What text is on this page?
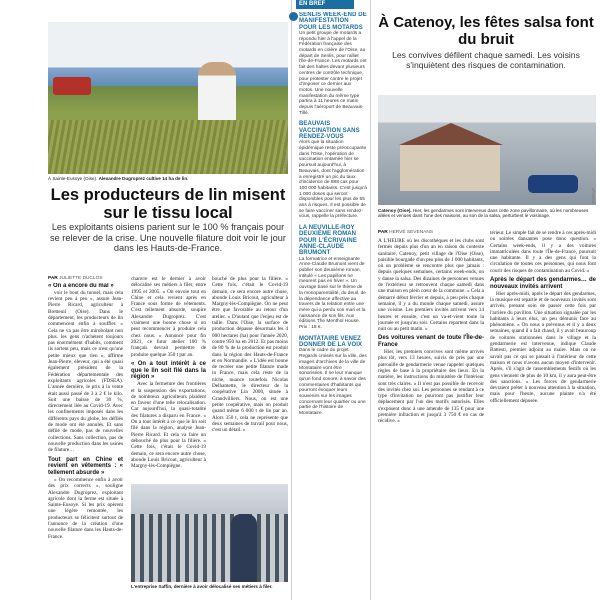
LP/JULIETTE
À Sainte-Eusoye (Oise). Alexandre Dugroprez cultive 14 ha de lin.
Les producteurs de lin misent sur le tissu local
Les exploitants oisiens parient sur le 100 % français pour se relever de la crise. Une nouvelle filature doit voir le jour dans les Hauts-de-France.
PAR JULIETTE DUCLOS
« On a encore du mal »

voir le bout du tunnel, mais cela revient peu à peu », assure Jean-Pierre Ricard, agriculteur à Bretteuil (Oise). Dans le département, les producteurs de lin commencent enfin à souffler. « Cela ne va pas être mirobolant non plus. les gens n'achètent toujours pas énormément d'habits, comment ils sortent peu, mais ce n'est qu'une petite mieux que rien », affirme Jean-Pierre, éleveur, qui a été quasi également président de la Fédération départementale des exploitants agricoles (FDSEA). L'année dernière, le prix à la vente était aussi passé de 3 à 2 € le kilo. Soit une baisse de 30 %, directement liée au Covid-19. Avec les confinements imposés dans les différents pays du globe, les défilés de mode ont été annulés. Et sans défilé de mode, pas de nouvelles collections. Sans collection, pas de nouvelle production dans les usines de filature…

Tout part en Chine et revient en vêtements : « tellement absurde »

« On recommence enfin à avoir des prix corrects », souligne Alexandre Dugroprez, exploitant agricole dont la ferme est située à Sainte-Eusoye. Si les prix opèrent une légère remontée, les producteurs se félicitent surtout de l'annonce de la création d'une nouvelle filature dans les Hauts-de-France.

chanvre est le dernier à avoir délocalisé ses métiers à filer, entre 1995 et 2005. « On envoie tout en Chine et cela revient après en France sous forme de vêtements. C'est tellement absurde, soupire Alexandre Dugroprez. C'est vraiment une bonne chose si on peut recommencer à produire cela chez nous. » Annoncé pour fin 2021, ce futur atelier 100 % français devrait permettre de produire quelque 350 t par an.

« On a tout intérêt à ce que le lin soit filé dans la région »

Avec la fermeture des frontières et la suspension des exportations, de nombreux agriculteurs plaident en faveur d'une telle relocalisation. Car aujourd'hui, la quasi-totalité des filatures a disparu en France. « On a tout intérêt à ce que le lin soit filé dans la région, analyse Jean-Pierre Ricard. Et cela va faire un débouché de plus pour la filière. » Cette fois, c'était le Covid-19 demain, ce sera encore autre chose, abonde Louis Bricout, agriculteur à Margny-lès-Compiègne.

bouché de plus pour la filière. » Cette fois, c'était le Covid-19 demain, ce sera encore autre chose, abonde Louis Bricout, agriculteur à Margny-lès-Compiègne. On ne peut être que favorable au retour d'un atelier. » D'autant que l'enjeu est de taille. Dans l'Oise, la surface de production dépasse désormais les 4 000 hectares (ha) pour l'année 2020, contre 950 ha en 2012. Et pas moins de 80 % de la production est produit dans la région des Hauts-de-France et en Normandie. « L'idée est bonne de recréer une petite filature made in France, mais cela reste de la niche, nuance toutefois Nicolas Delhamette, le directeur de la coopérative Lin 2000, située à Grandvilliers. Nous, on est une petite coopérative, mais on produit quand même 6 000 t de lin par an. Alors 350 t, cela ne représente que deux semaines de travail pour nous, c'est un détail. »

L'entreprise Saffin, dernière à avoir délocalisé ses métiers à filer.
EN BREF
SENLIS WEEK-END DE MANIFESTATION POUR LES MOTARDS
Un petit groupe de motards a répondu hier à l'appel de la Fédération française des motards en colère de l'Oise, au départ de Senlis, pour rallier l'Île-de-France. Les motards ont fait des haltes devant plusieurs centres de contrôle technique, pour protester contre le projet d'imposer ce dernier aux motos. Une nouvelle manifestation du même type partira à 11 heures ce matin depuis l'aéroport de Beauvais-Tillé.
BEAUVAIS VACCINATION SANS RENDEZ-VOUS
Alors que la situation épidémique reste préoccupante dans l'Oise, l'opération de vaccination entamée hier se poursuit aujourd'hui, à Beauvais, dont l'agglomération a enregistré un pic du taux d'incidence de 888 cas pour 100 000 habitants. C'est jusqu'à 1 000 doses qui seront disponibles pour les plus de 55 ans à risques. Il est possible de se faire vacciner sans rendez-vous, rappelle la préfecture.
LA NEUVILLE-ROY DEUXIÈME ROMAN POUR L'ÉCRIVAINE ANNE-CLAUDE BRUMONT
La formatrice et enseignante Anne-Claude Brumont vient de publier son deuxième roman, intitulé « Les papillons ne meurent pas en hiver ». Un ouvrage basé sur le thème de la monoparentalité, du deuil, de la dépendance affective au travers de la relation entre une mère qui a perdu son mari et la naissance de son fils. Aux éditions The Menthol House. Prix : 18 €.
MONTATAIRE VENEZ DONNER DE LA VOIX
Dans le cadre du projet Regards croisés sur la ville, des images d'archives de la ville de Montataire vont être sonorisées. Il ne leur manque qu'un fond sonore, à savoir des commentaires d'habitants qui pourront évoquer leurs souvenirs sur les images concernant leur quartier ou une partie de l'histoire de Montataire.
À Catenoy, les fêtes salsa font du bruit
Les convives défilent chaque samedi. Les voisins s'inquiètent des risques de contamination.
LP/MARIE
Catenoy (Oise). Hier, les gendarmes sont intervenus dans cette zone pavillonnaire, où les nombreuses allées et venues dans l'une des maisons, au son de la salsa, perturbent le voisinage.
PAR HERVÉ SEVENANS

À L'HEURE où les discothèques et les clubs sont fermés depuis plus d'un an en raison du contexte sanitaire, Catenoy, petit village de l'Oise (Oise), paisible bourgade d'un peu plus de 1 000 habitants, où un problème se rencontre plus que jamais : depuis quelques semaines, certains week-ends, on y danse la salsa. Des dizaines de personnes venues de l'extérieur se retrouvent chaque samedi dans une maison en plein cœur de la commune. « Cela a démarré début février et depuis, à peu près chaque semaine, il y a du monde chaque samedi, assure une voisine. Les premiers invités arrivent vers 14 heures et ensuite, c'est un va-et-vient toute la journée et jusqu'au soir. Certains repartent dans la nuit ou au petit matin. »

Des voitures venant de toute l'Île-de-France

Hier, les premiers convives sont même arrivés plus tôt, vers 13 heures, suivis de près par une patrouille de gendarmerie venue rappeler quelques règles de base à la propriétaire des lieux. En la matière, les instructions du ministère de l'Intérieur sont très claires. « Il n'est pas possible de recevoir des invités chez soi. Les personnes se rendant à ce type d'invitation ne pourront pas justifier leur déplacement par l'un des motifs autorisés. Elles s'exposent donc à une amende de 135 € pour une première infraction et jusqu'à 3 750 € en cas de récidive. »

térieur. Le simple fait de se rendre à ces après-midi ou soirées dansantes pose donc question. « Certains week-ends, il y a des voitures immatriculées dans toute l'Île-de-France, poursuit une habitante. Il y a des gens qui font la circulation de toutes ces personnes, qui nous font courir des risques de contamination au Covid. »

Après le départ des gendarmes… de nouveaux invités arrivent

Hier après-midi, après le départ des gendarmes, la musique est repartie et de nouveaux invités sont arrivés, prenant soin de passer cette fois par l'arrière du pavillon. Une situation signalée par les habitants à leurs élus, un peu démunis face au phénomène. « On nous a prévenus et il y a deux semaines, quand il a fait chaud, il y avait beaucoup de voitures stationnées dans le village et la gendarmerie est intervenue, indique Claude Battesti, premier adjoint au maire. Mais on ne savait pas ce qui se passait à l'intérieur de cette maison et nous n'avons aucun moyen d'intervenir. Après, s'il s'agit de rassemblements festifs où les gens viennent de plus de 10 km, il y aura peut-être des sanctions. » Les forces de gendarmerie devraient prêter à nouveau attention à la situation, mais pour l'heure, aucune plainte n'a été officiellement déposée.
